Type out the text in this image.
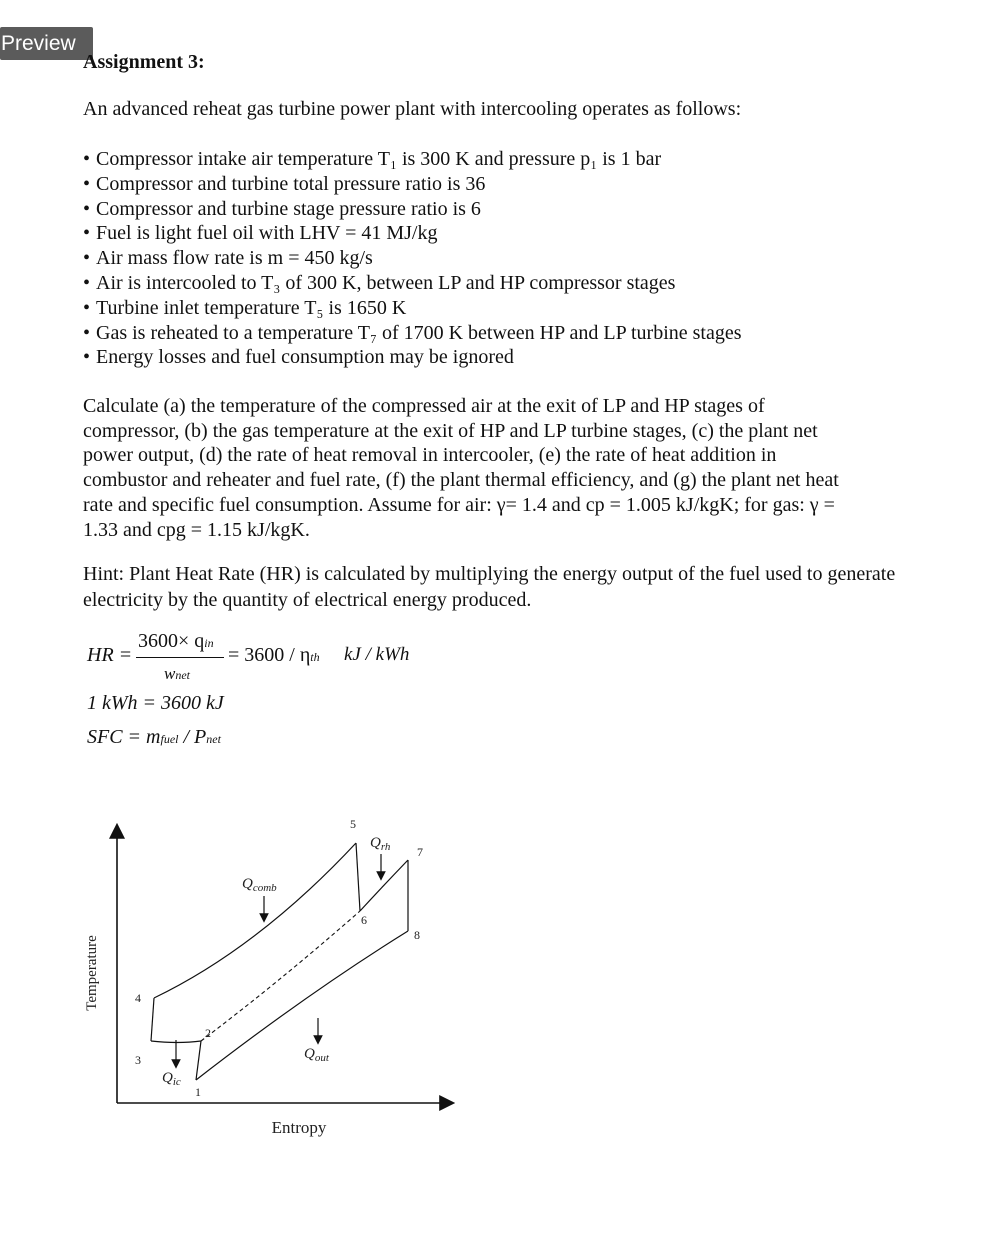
Preview
Assignment 3:

An advanced reheat gas turbine power plant with intercooling operates as follows:

• Compressor intake air temperature T₁ is 300 K and pressure p₁ is 1 bar
• Compressor and turbine total pressure ratio is 36
• Compressor and turbine stage pressure ratio is 6
• Fuel is light fuel oil with LHV = 41 MJ/kg
• Air mass flow rate is m = 450 kg/s
• Air is intercooled to T₃ of 300 K, between LP and HP compressor stages
• Turbine inlet temperature T₅ is 1650 K
• Gas is reheated to a temperature T₇ of 1700 K between HP and LP turbine stages
• Energy losses and fuel consumption may be ignored

Calculate (a) the temperature of the compressed air at the exit of LP and HP stages of compressor, (b) the gas temperature at the exit of HP and LP turbine stages, (c) the plant net power output, (d) the rate of heat removal in intercooler, (e) the rate of heat addition in combustor and reheater and fuel rate, (f) the plant thermal efficiency, and (g) the plant net heat rate and specific fuel consumption. Assume for air: γ= 1.4 and cp = 1.005 kJ/kgK; for gas: γ = 1.33 and cpg = 1.15 kJ/kgK.

Hint: Plant Heat Rate (HR) is calculated by multiplying the energy output of the fuel used to generate electricity by the quantity of electrical energy produced.

HR =
3600× qin
wnet
= 3600 / ηth kJ / kWh
1 kWh = 3600 kJ
SFC = mfuel / Pnet
Temperature
Entropy
$Q_{comb}$
$Q_{rh}$
$Q_{ic}$
$Q_{out}$
1
2
3
4
5
6
7
8
